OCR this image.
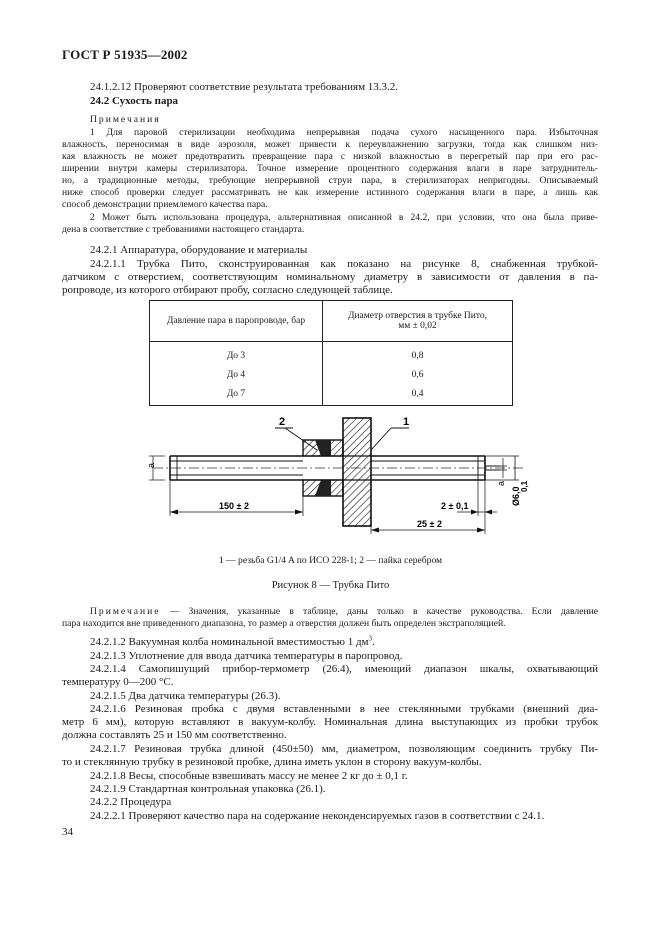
ГОСТ Р 51935—2002
24.1.2.12 Проверяют соответствие результата требованиям 13.3.2.
24.2 Сухость пара
Примечания
1 Для паровой стерилизации необходима непрерывная подача сухого насыщенного пара. Избыточная
влажность, переносимая в виде аэрозоля, может привести к переувлажнению загрузки, тогда как слишком низ-
кая влажность не может предотвратить превращение пара с низкой влажностью в перегретый пар при его рас-
ширении внутри камеры стерилизатора. Точное измерение процентного содержания влаги в паре затруднитель-
но, а традиционные методы, требующие непрерывной струи пара, в стерилизаторах непригодны. Описываемый
ниже способ проверки следует рассматривать не как измерение истинного содержания влаги в паре, а лишь как
способ демонстрации приемлемого качества пара.
2 Может быть использована процедура, альтернативная описанной в 24.2, при условии, что она была приве-
дена в соответствие с требованиями настоящего стандарта.
24.2.1 Аппаратура, оборудование и материалы
24.2.1.1 Трубка Пито, сконструированная как показано на рисунке 8, снабженная трубкой-
датчиком с отверстием, соответствующим номинальному диаметру в зависимости от давления в па-
ропроводе, из которого отбирают пробу, согласно следующей таблице.
Давление пара в паропроводе, бар	Диаметр отверстия в трубке Пито,
мм ± 0,02
До 3	0,8
До 4	0,6
До 7	0,4
2	1
a
150 ± 2
25 ± 2
2 ± 0,1
a
Ø6,0
0,1
1 — резьба G1/4 A по ИСО 228-1; 2 — пайка серебром
Рисунок 8 — Трубка Пито
Примечание — Значения, указанные в таблице, даны только в качестве руководства. Если давление
пара находится вне приведенного диапазона, то размер a отверстия должен быть определен экстраполяцией.
24.2.1.2 Вакуумная колба номинальной вместимостью 1 $дм^3$.
24.2.1.3 Уплотнение для ввода датчика температуры в паропровод.
24.2.1.4 Самопишущий прибор-термометр (26.4), имеющий диапазон шкалы, охватывающий
температуру 0—200 °С.
24.2.1.5 Два датчика температуры (26.3).
24.2.1.6 Резиновая пробка с двумя вставленными в нее стеклянными трубками (внешний диа-
метр 6 мм), которую вставляют в вакуум-колбу. Номинальная длина выступающих из пробки трубок
должна составлять 25 и 150 мм соответственно.
24.2.1.7 Резиновая трубка длиной (450±50) мм, диаметром, позволяющим соединить трубку Пи-
то и стеклянную трубку в резиновой пробке, длина иметь уклон в сторону вакуум-колбы.
24.2.1.8 Весы, способные взвешивать массу не менее 2 кг до ± 0,1 г.
24.2.1.9 Стандартная контрольная упаковка (26.1).
24.2.2 Процедура
24.2.2.1 Проверяют качество пара на содержание неконденсируемых газов в соответствии с 24.1.
34
